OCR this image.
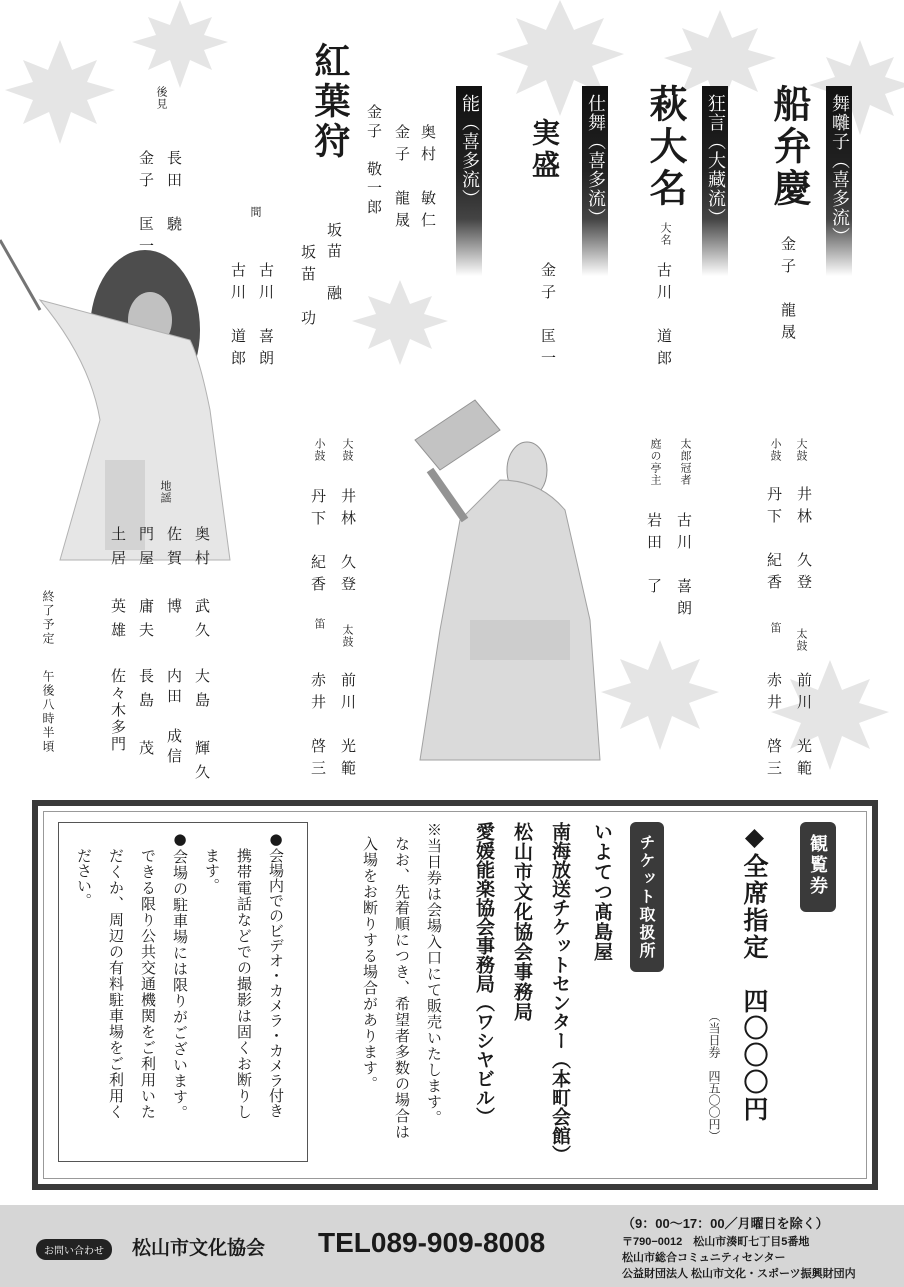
舞囃子（喜多流）
船弁慶
金子　龍晟
大鼓
井林　久登
小鼓
丹下　紀香
太鼓
前川　光範
笛
赤井　啓三
狂言（大藏流）
萩大名
大名
古川　道郎
太郎冠者
古川　喜朗
庭の亭主
岩田　了
仕舞（喜多流）
実盛
金子　匡一
能（喜多流）
紅葉狩
奥村　敏仁
金子　龍晟
金子　敬一郎
坂苗　融
坂苗　功
間
古川　喜朗
古川　道郎
後見
長田　驍
金子　匡一
大鼓
井林　久登
小鼓
丹下　紀香
太鼓
前川　光範
笛
赤井　啓三
地謡
奥村　武久
佐賀　博
門屋　庸夫
土居　英雄
大島　輝久
内田　成信
長島　茂
佐々木多門
終了予定
午後八時半頃
観覧券
◆全席指定　四〇〇〇円
（当日券　四五〇〇円）
チケット取扱所
いよてつ髙島屋
南海放送チケットセンター（本町会館）
松山市文化協会事務局
愛媛能楽協会事務局（ワシヤビル）
※当日券は会場入口にて販売いたします。
なお、先着順につき、希望者多数の場合は
入場をお断りする場合があります。
●会場内でのビデオ・カメラ・カメラ付き
携帯電話などでの撮影は固くお断りし
ます。
●会場の駐車場には限りがございます。
できる限り公共交通機関をご利用いた
だくか、周辺の有料駐車場をご利用く
ださい。
お問い合わせ	松山市文化協会 TEL089-909-8008
（9：00〜17：00／月曜日を除く）
〒790−0012　松山市湊町七丁目5番地
松山市総合コミュニティセンター
公益財団法人 松山市文化・スポーツ振興財団内
